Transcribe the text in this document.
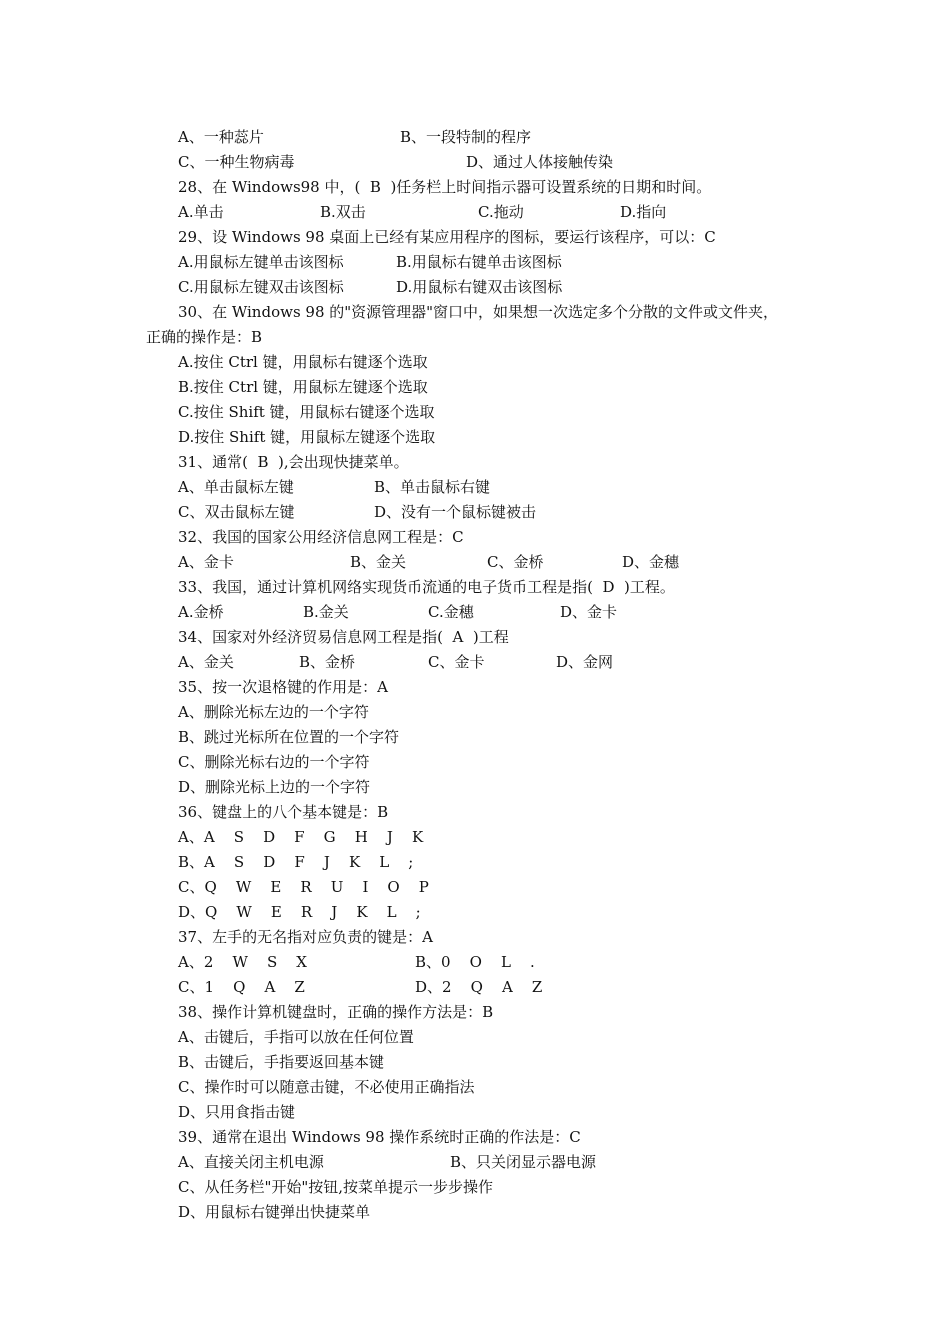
A、一种蕊片

	B、一段特制的程序

C、一种生物病毒

	D、通过人体接触传染

28、在 Windows98 中，(  B  )任务栏上时间指示器可设置系统的日期和时间。

A.单击

	B.双击

	C.拖动

	D.指向

29、设 Windows 98 桌面上已经有某应用程序的图标，要运行该程序，可以：C

A.用鼠标左键单击该图标

	B.用鼠标右键单击该图标

C.用鼠标左键双击该图标

	D.用鼠标右键双击该图标

30、在 Windows 98 的"资源管理器"窗口中，如果想一次选定多个分散的文件或文件夹，

正确的操作是：B

A.按住 Ctrl 键，用鼠标右键逐个选取

B.按住 Ctrl 键，用鼠标左键逐个选取

C.按住 Shift 键，用鼠标右键逐个选取

D.按住 Shift 键，用鼠标左键逐个选取

31、通常(  B  ),会出现快捷菜单。

A、单击鼠标左键

	B、单击鼠标右键

C、双击鼠标左键

	D、没有一个鼠标键被击

32、我国的国家公用经济信息网工程是：C

A、金卡

	B、金关

	C、金桥

	D、金穗

33、我国，通过计算机网络实现货币流通的电子货币工程是指(  D  )工程。

A.金桥

	B.金关

	C.金穗

	D、金卡

34、国家对外经济贸易信息网工程是指(  A  )工程

A、金关

	B、金桥

	C、金卡

	D、金网

35、按一次退格键的作用是：A

A、删除光标左边的一个字符

B、跳过光标所在位置的一个字符

C、删除光标右边的一个字符

D、删除光标上边的一个字符

36、键盘上的八个基本键是：B

A、A    S    D    F    G    H    J    K

B、A    S    D    F    J    K    L    ;

C、Q    W    E    R    U    I    O    P

D、Q    W    E    R    J    K    L    ;

37、左手的无名指对应负责的键是：A

A、2    W    S    X

	B、0    O    L    .

C、1    Q    A    Z

	D、2    Q    A    Z

38、操作计算机键盘时，正确的操作方法是：B

A、击键后，手指可以放在任何位置

B、击键后，手指要返回基本键

C、操作时可以随意击键，不必使用正确指法

D、只用食指击键

39、通常在退出 Windows 98 操作系统时正确的作法是：C

A、直接关闭主机电源

	B、只关闭显示器电源

C、从任务栏"开始"按钮,按菜单提示一步步操作

D、用鼠标右键弹出快捷菜单
